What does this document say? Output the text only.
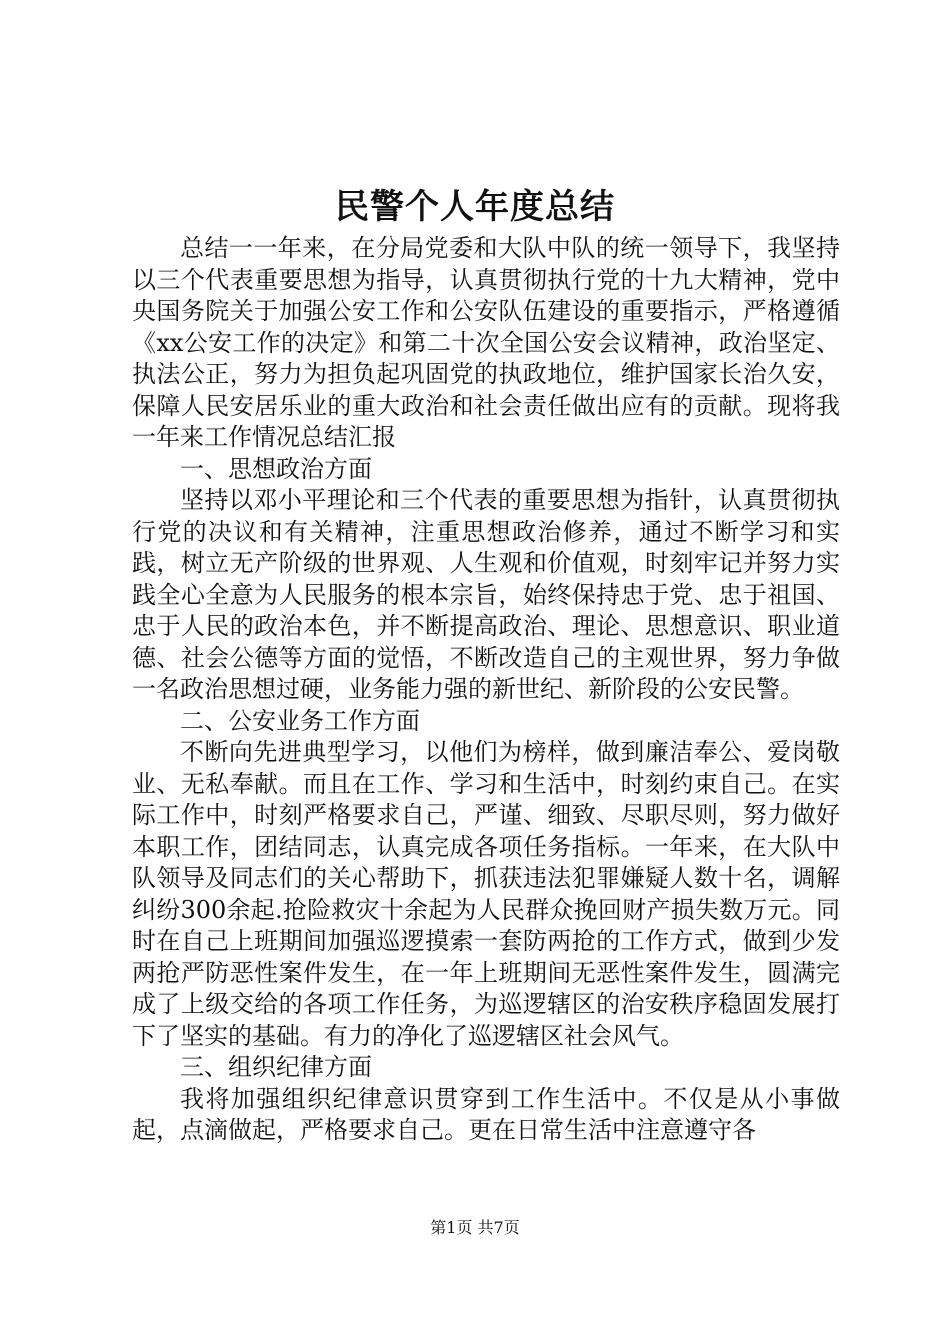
民警个人年度总结

总结一一年来，在分局党委和大队中队的统一领导下，我坚持以三个代表重要思想为指导，认真贯彻执行党的十九大精神，党中央国务院关于加强公安工作和公安队伍建设的重要指示，严格遵循《xx公安工作的决定》和第二十次全国公安会议精神，政治坚定、执法公正，努力为担负起巩固党的执政地位，维护国家长治久安，保障人民安居乐业的重大政治和社会责任做出应有的贡献。现将我一年来工作情况总结汇报

一、思想政治方面

坚持以邓小平理论和三个代表的重要思想为指针，认真贯彻执行党的决议和有关精神，注重思想政治修养，通过不断学习和实践，树立无产阶级的世界观、人生观和价值观，时刻牢记并努力实践全心全意为人民服务的根本宗旨，始终保持忠于党、忠于祖国、忠于人民的政治本色，并不断提高政治、理论、思想意识、职业道德、社会公德等方面的觉悟，不断改造自己的主观世界，努力争做一名政治思想过硬，业务能力强的新世纪、新阶段的公安民警。

二、公安业务工作方面

不断向先进典型学习，以他们为榜样，做到廉洁奉公、爱岗敬业、无私奉献。而且在工作、学习和生活中，时刻约束自己。在实际工作中，时刻严格要求自己，严谨、细致、尽职尽则，努力做好本职工作，团结同志，认真完成各项任务指标。一年来，在大队中队领导及同志们的关心帮助下，抓获违法犯罪嫌疑人数十名，调解纠纷300余起.抢险救灾十余起为人民群众挽回财产损失数万元。同时在自己上班期间加强巡逻摸索一套防两抢的工作方式，做到少发两抢严防恶性案件发生，在一年上班期间无恶性案件发生，圆满完成了上级交给的各项工作任务，为巡逻辖区的治安秩序稳固发展打下了坚实的基础。有力的净化了巡逻辖区社会风气。

三、组织纪律方面

我将加强组织纪律意识贯穿到工作生活中。不仅是从小事做起，点滴做起，严格要求自己。更在日常生活中注意遵守各

第1页 共7页
